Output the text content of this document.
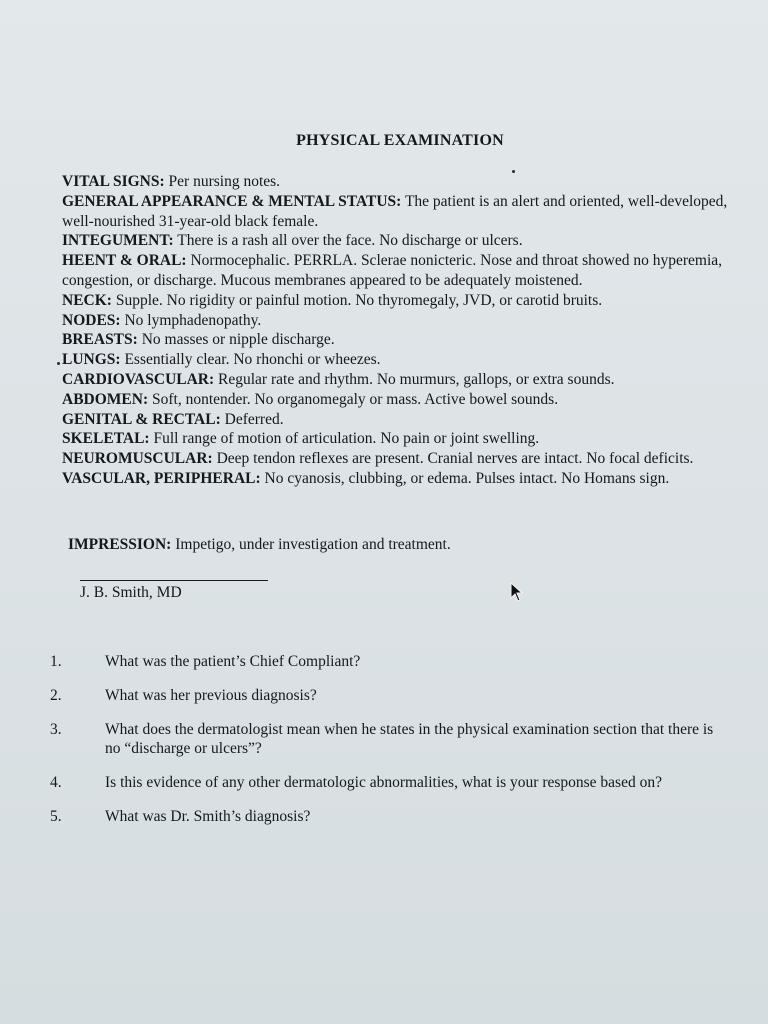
PHYSICAL EXAMINATION

VITAL SIGNS: Per nursing notes.

GENERAL APPEARANCE & MENTAL STATUS: The patient is an alert and oriented, well-developed, well-nourished 31-year-old black female.

INTEGUMENT: There is a rash all over the face. No discharge or ulcers.

HEENT & ORAL: Normocephalic. PERRLA. Sclerae nonicteric. Nose and throat showed no hyperemia, congestion, or discharge. Mucous membranes appeared to be adequately moistened.

NECK: Supple. No rigidity or painful motion. No thyromegaly, JVD, or carotid bruits.

NODES: No lymphadenopathy.

BREASTS: No masses or nipple discharge.

LUNGS: Essentially clear. No rhonchi or wheezes.

CARDIOVASCULAR: Regular rate and rhythm. No murmurs, gallops, or extra sounds.

ABDOMEN: Soft, nontender. No organomegaly or mass. Active bowel sounds.

GENITAL & RECTAL: Deferred.

SKELETAL: Full range of motion of articulation. No pain or joint swelling.

NEUROMUSCULAR: Deep tendon reflexes are present. Cranial nerves are intact. No focal deficits.

VASCULAR, PERIPHERAL: No cyanosis, clubbing, or edema. Pulses intact. No Homans sign.

IMPRESSION: Impetigo, under investigation and treatment.
J. B. Smith, MD
1.	What was the patient’s Chief Compliant?
2.	What was her previous diagnosis?
3.	What does the dermatologist mean when he states in the physical examination section that there is no “discharge or ulcers”?
4.	Is this evidence of any other dermatologic abnormalities, what is your response based on?
5.	What was Dr. Smith’s diagnosis?
